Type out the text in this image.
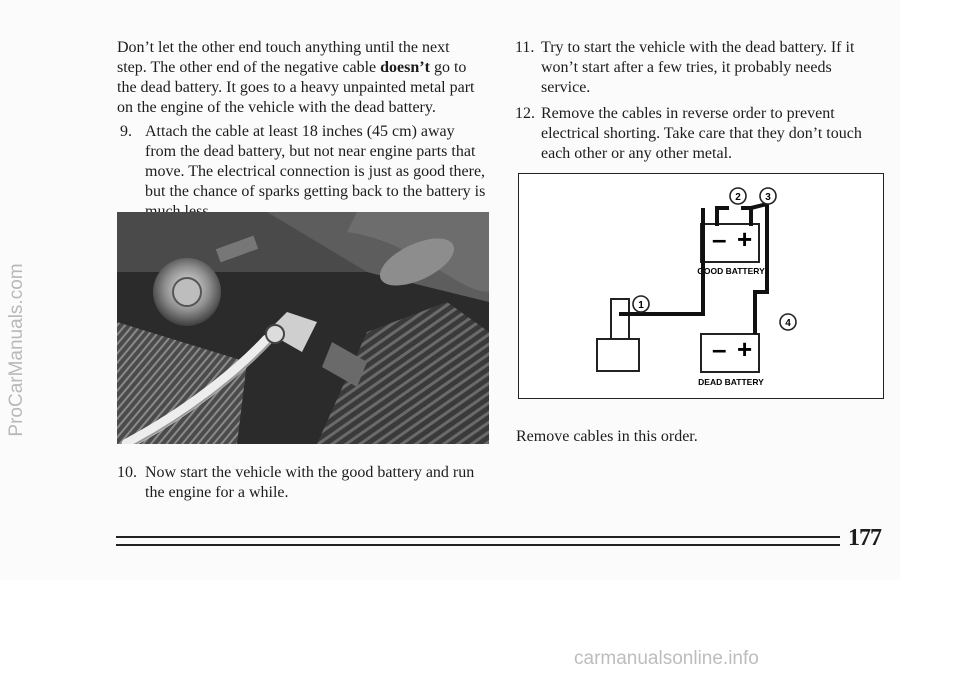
Don’t let the other end touch anything until the next
step. The other end of the negative cable doesn’t go to
the dead battery. It goes to a heavy unpainted metal part
on the engine of the vehicle with the dead battery.
9. Attach the cable at least 18 inches (45 cm) away
from the dead battery, but not near engine parts that
move. The electrical connection is just as good there,
but the chance of sparks getting back to the battery is
10. Now start the vehicle with the good battery and run
the engine for a while.
11. Try to start the vehicle with the dead battery. If it
won’t start after a few tries, it probably needs
service.
12. Remove the cables in reverse order to prevent
electrical shorting. Take care that they don’t touch
each other or any other metal.
– +
GOOD BATTERY
– +
DEAD BATTERY
1
2 3
4

Remove cables in this order.

177
ProCarManuals.com
carmanualsonline.info
